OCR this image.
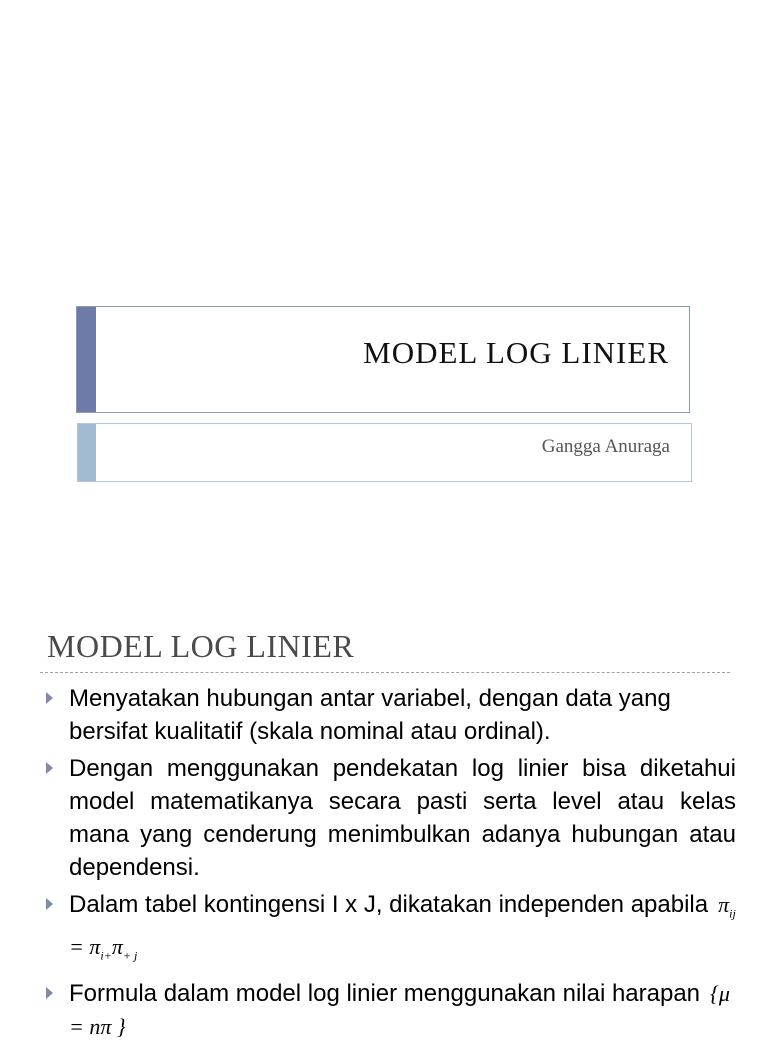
MODEL LOG LINIER
Gangga Anuraga
MODEL LOG LINIER
Menyatakan hubungan antar variabel, dengan data yang bersifat kualitatif (skala nominal atau ordinal).
Dengan menggunakan pendekatan log linier bisa diketahui model matematikanya secara pasti serta level atau kelas mana yang cenderung menimbulkan adanya hubungan atau dependensi.
Dalam tabel kontingensi I x J, dikatakan independen apabila $\pi_{ij} = \pi_{i+}\pi_{+ j}$
Formula dalam model log linier menggunakan nilai harapan {μ = nπ }
